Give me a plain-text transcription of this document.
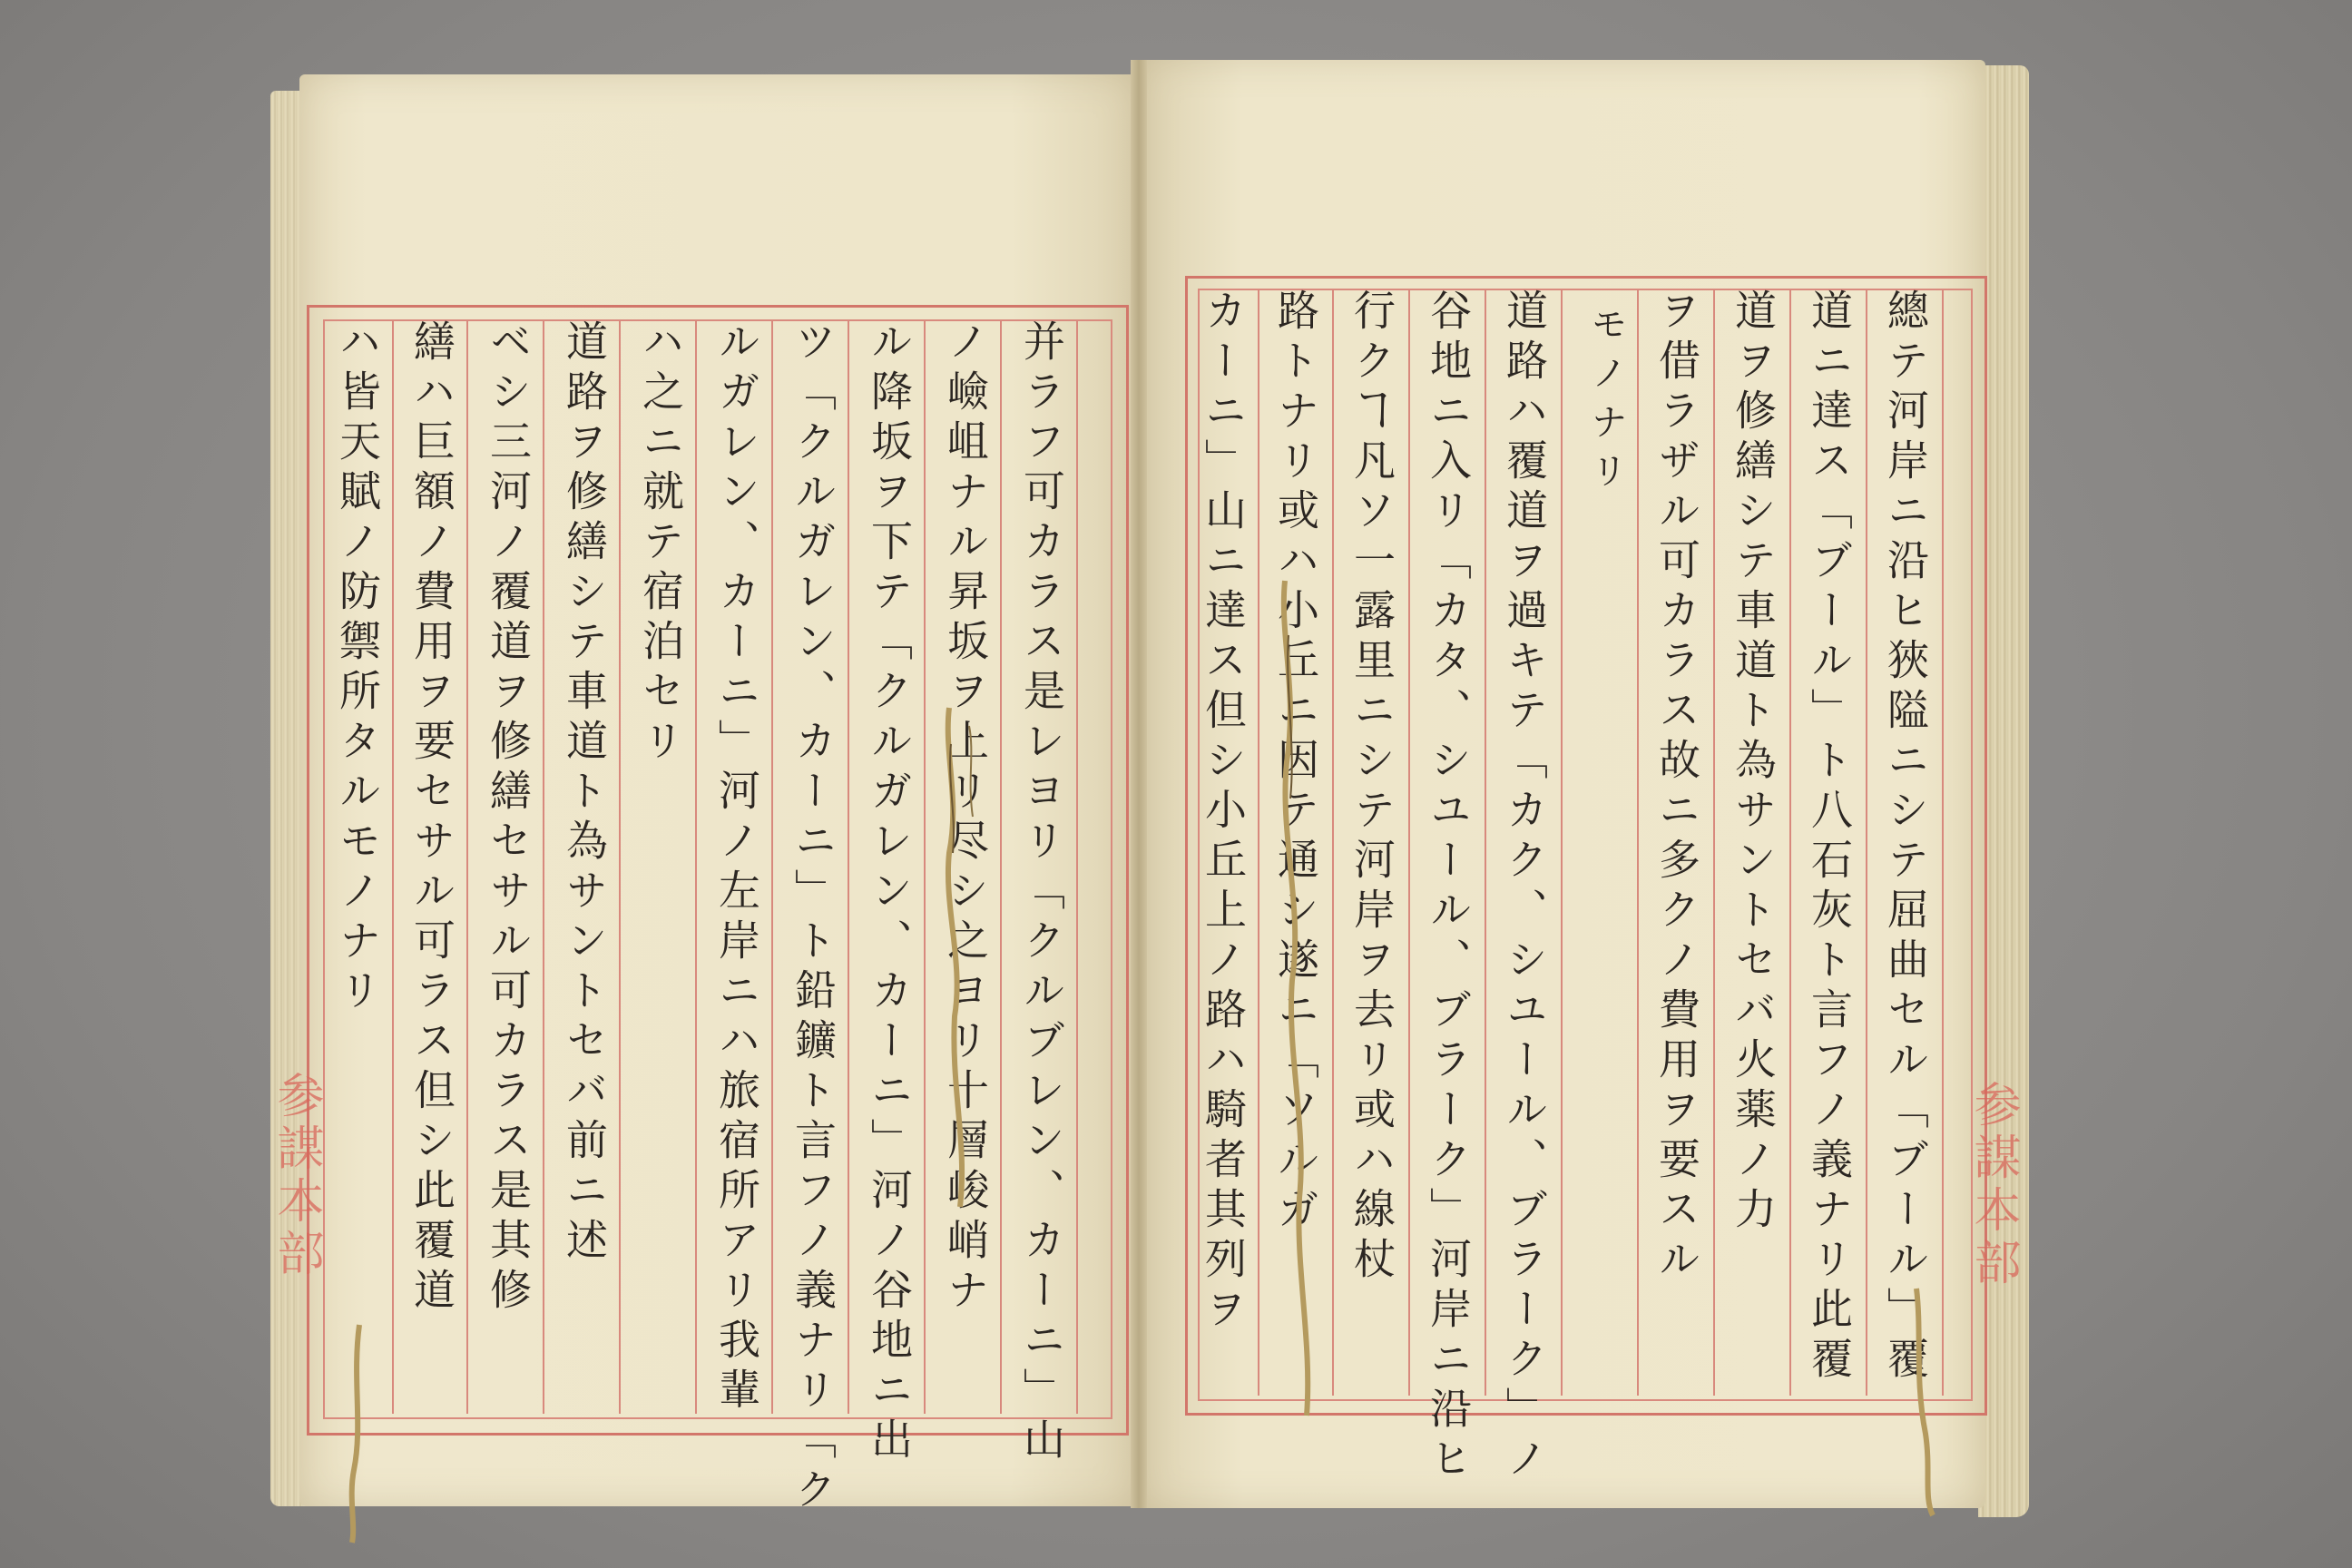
總テ河岸ニ沿ヒ狹隘ニシテ屈曲セル「ブール」覆
道ニ達ス「ブール」ト八石灰ト言フノ義ナリ此覆
道ヲ修繕シテ車道ト為サントセバ火薬ノ力
ヲ借ラザル可カラス故ニ多クノ費用ヲ要スル
モノナリ
道路ハ覆道ヲ過キテ「カク、シユール、ブラーク」ノ
谷地ニ入リ「カタ、シユール、ブラーク」河岸ニ沿ヒ
行クヿ凡ソ一露里ニシテ河岸ヲ去リ或ハ線杖
路トナリ或ハ小丘ニ因テ通シ遂ニ「ソルガ
カーニ」山ニ達ス但シ小丘上ノ路ハ騎者其列ヲ
并ラフ可カラス是レヨリ「クルブレン、カーニ」山
ノ嶮岨ナル昇坂ヲ上リ尽シ之ヨリ十層峻峭ナ
ル降坂ヲ下テ「クルガレン、カーニ」河ノ谷地ニ出
ツ「クルガレン、カーニ」ト鉛鑛ト言フノ義ナリ「ク
ルガレン、カーニ」河ノ左岸ニハ旅宿所アリ我輩
ハ之ニ就テ宿泊セリ
道路ヲ修繕シテ車道ト為サントセバ前ニ述
ベシ三河ノ覆道ヲ修繕セサル可カラス是其修
繕ハ巨額ノ費用ヲ要セサル可ラス但シ此覆道
ハ皆天賦ノ防禦所タルモノナリ
参謀本部	参謀本部
